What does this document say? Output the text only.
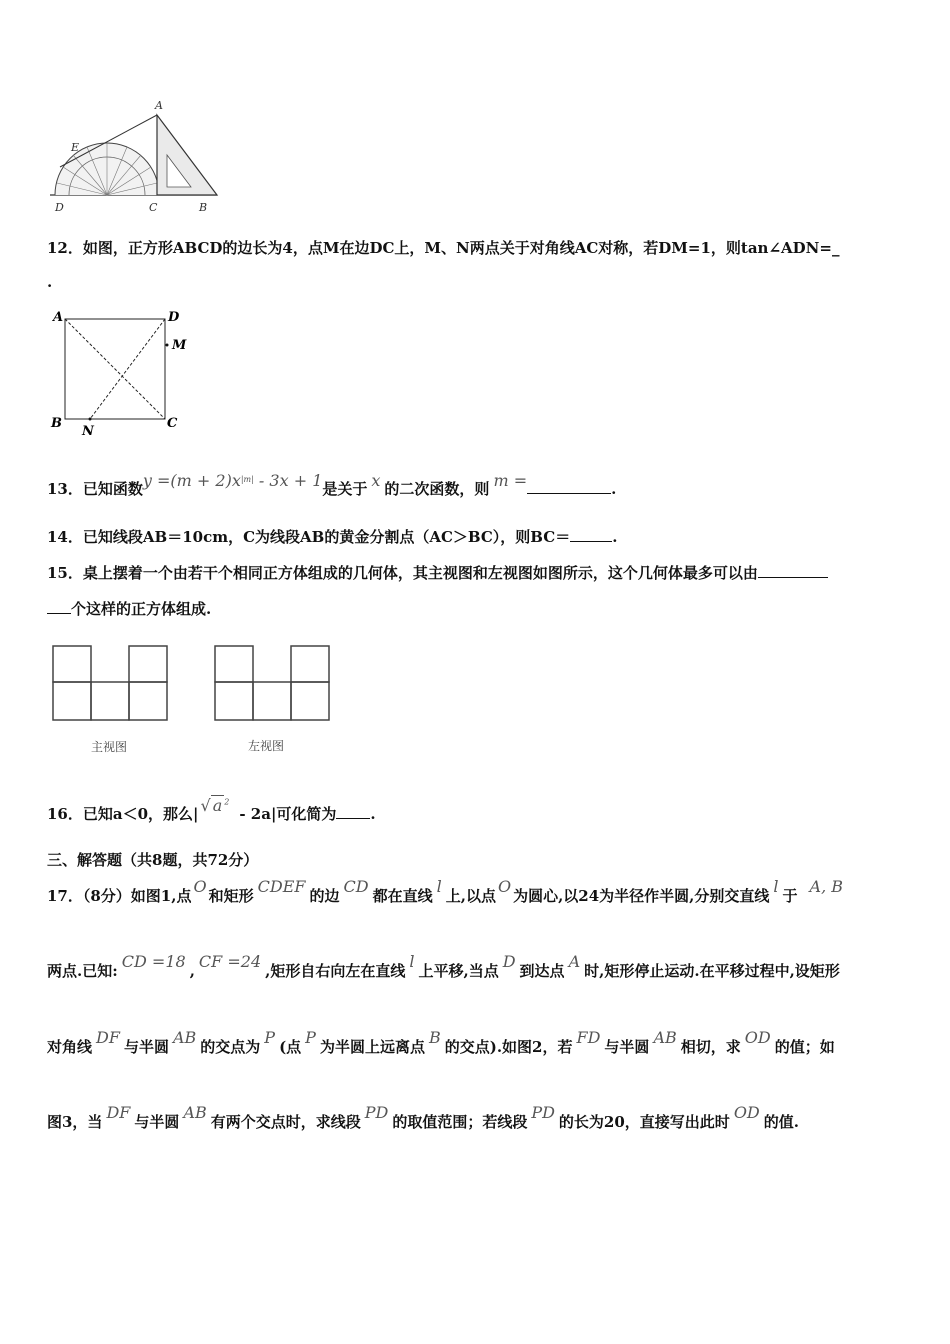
A
E
D	C	B
12．如图，正方形ABCD的边长为4，点M在边DC上，M、N两点关于对角线AC对称，若DM=1，则tan∠ADN=_
.
A	D
M
B
N
C
13．已知函数$y =(m + 2)x^{|m|} - 3x + 1$是关于 x 的二次函数，则 m =	.
14．已知线段AB＝10cm，C为线段AB的黄金分割点（AC＞BC），则BC＝	.
15．桌上摆着一个由若干个相同正方体组成的几何体，其主视图和左视图如图所示，这个几何体最多可以由
个这样的正方体组成.
主视图	左视图
16．已知a＜0，那么| √ a $^2$- 2a|可化简为 .
三、解答题（共8题，共72分）
17．（8分）如图1,点 O 和矩形 CDEF 的边 CD 都在直线 l 上,以点 O 为圆心,以24为半径作半圆,分别交直线 l 于 A, B
两点.已知: CD =18 , CF =24 ,矩形自右向左在直线 l 上平移,当点 D 到达点 A 时,矩形停止运动.在平移过程中,设矩形
对角线 DF 与半圆 AB 的交点为 P (点 P 为半圆上远离点 B 的交点).如图2，若 FD 与半圆 AB 相切，求 OD 的值；如
图3，当 DF 与半圆 AB 有两个交点时，求线段 PD 的取值范围；若线段 PD 的长为20，直接写出此时 OD 的值.
